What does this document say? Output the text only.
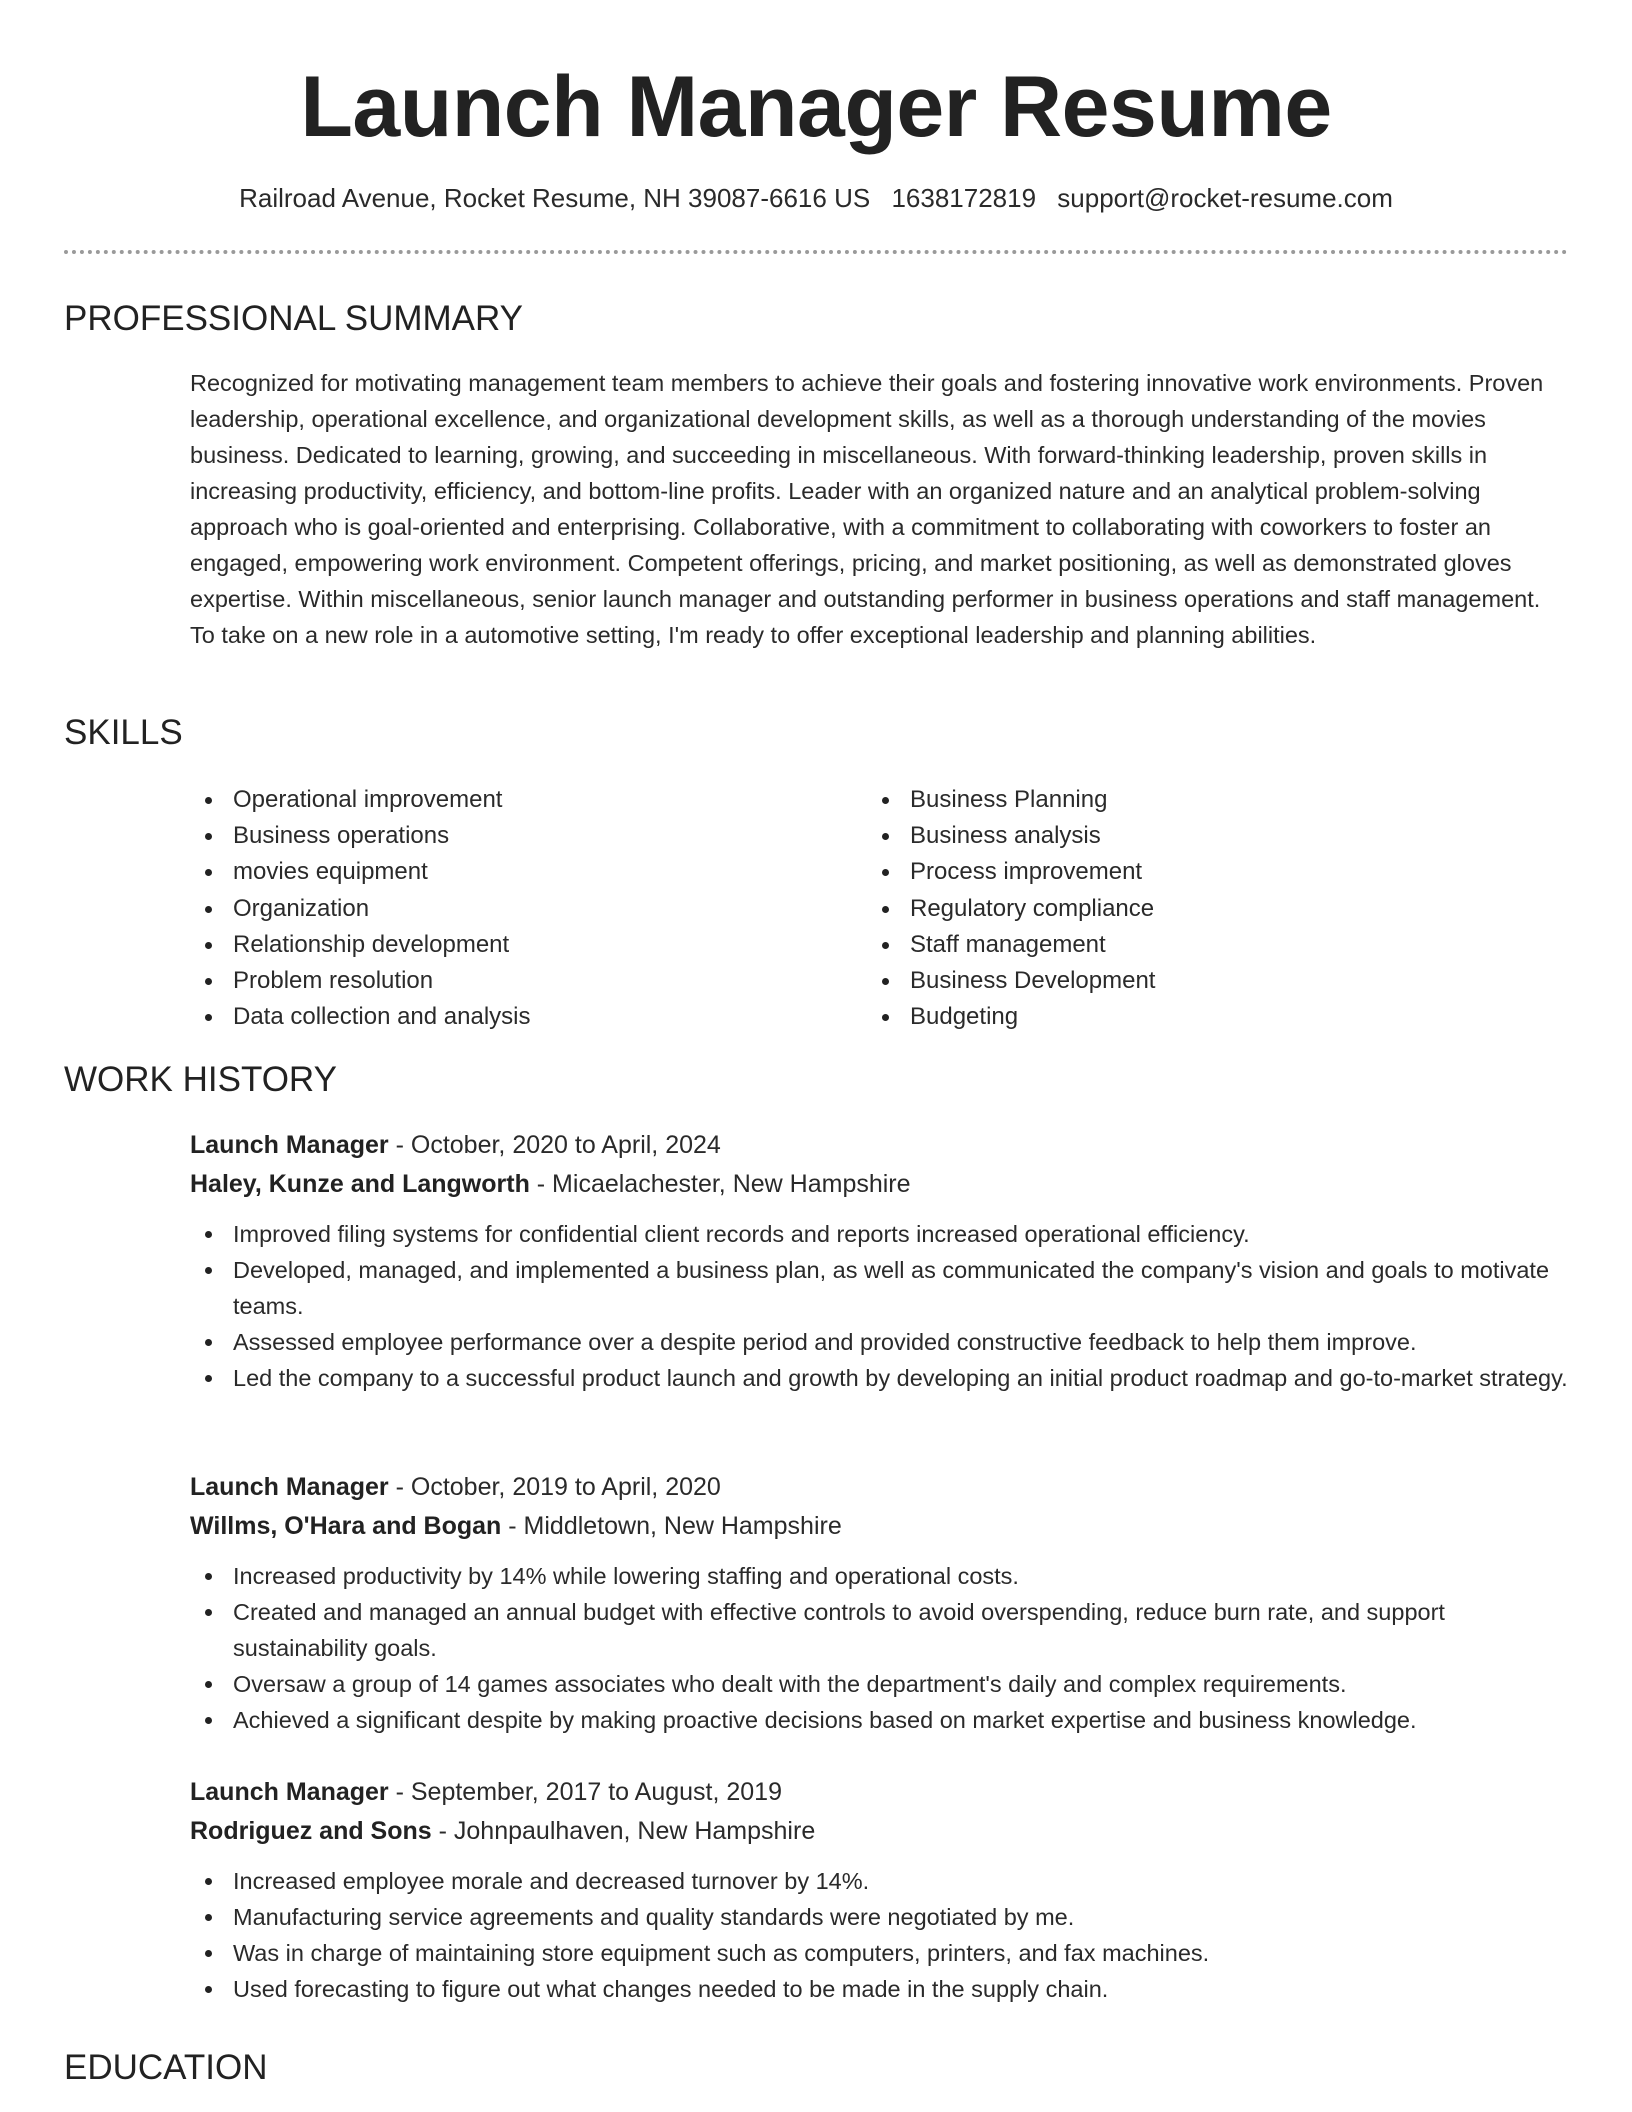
Launch Manager Resume
Railroad Avenue, Rocket Resume, NH 39087-6616 US 1638172819 support@rocket-resume.com
PROFESSIONAL SUMMARY

Recognized for motivating management team members to achieve their goals and fostering innovative work environments. Proven leadership, operational excellence, and organizational development skills, as well as a thorough understanding of the movies business. Dedicated to learning, growing, and succeeding in miscellaneous. With forward-thinking leadership, proven skills in increasing productivity, efficiency, and bottom-line profits. Leader with an organized nature and an analytical problem-solving approach who is goal-oriented and enterprising. Collaborative, with a commitment to collaborating with coworkers to foster an engaged, empowering work environment. Competent offerings, pricing, and market positioning, as well as demonstrated gloves expertise. Within miscellaneous, senior launch manager and outstanding performer in business operations and staff management. To take on a new role in a automotive setting, I'm ready to offer exceptional leadership and planning abilities.

SKILLS
Operational improvement
Business operations
movies equipment
Organization
Relationship development
Problem resolution
Data collection and analysis
Business Planning
Business analysis
Process improvement
Regulatory compliance
Staff management
Business Development
Budgeting
WORK HISTORY
Launch Manager - October, 2020 to April, 2024
Haley, Kunze and Langworth - Micaelachester, New Hampshire
Improved filing systems for confidential client records and reports increased operational efficiency.
Developed, managed, and implemented a business plan, as well as communicated the company's vision and goals to motivate teams.
Assessed employee performance over a despite period and provided constructive feedback to help them improve.
Led the company to a successful product launch and growth by developing an initial product roadmap and go-to-market strategy.
Launch Manager - October, 2019 to April, 2020
Willms, O'Hara and Bogan - Middletown, New Hampshire
Increased productivity by 14% while lowering staffing and operational costs.
Created and managed an annual budget with effective controls to avoid overspending, reduce burn rate, and support sustainability goals.
Oversaw a group of 14 games associates who dealt with the department's daily and complex requirements.
Achieved a significant despite by making proactive decisions based on market expertise and business knowledge.
Launch Manager - September, 2017 to August, 2019
Rodriguez and Sons - Johnpaulhaven, New Hampshire
Increased employee morale and decreased turnover by 14%.
Manufacturing service agreements and quality standards were negotiated by me.
Was in charge of maintaining store equipment such as computers, printers, and fax machines.
Used forecasting to figure out what changes needed to be made in the supply chain.
EDUCATION
